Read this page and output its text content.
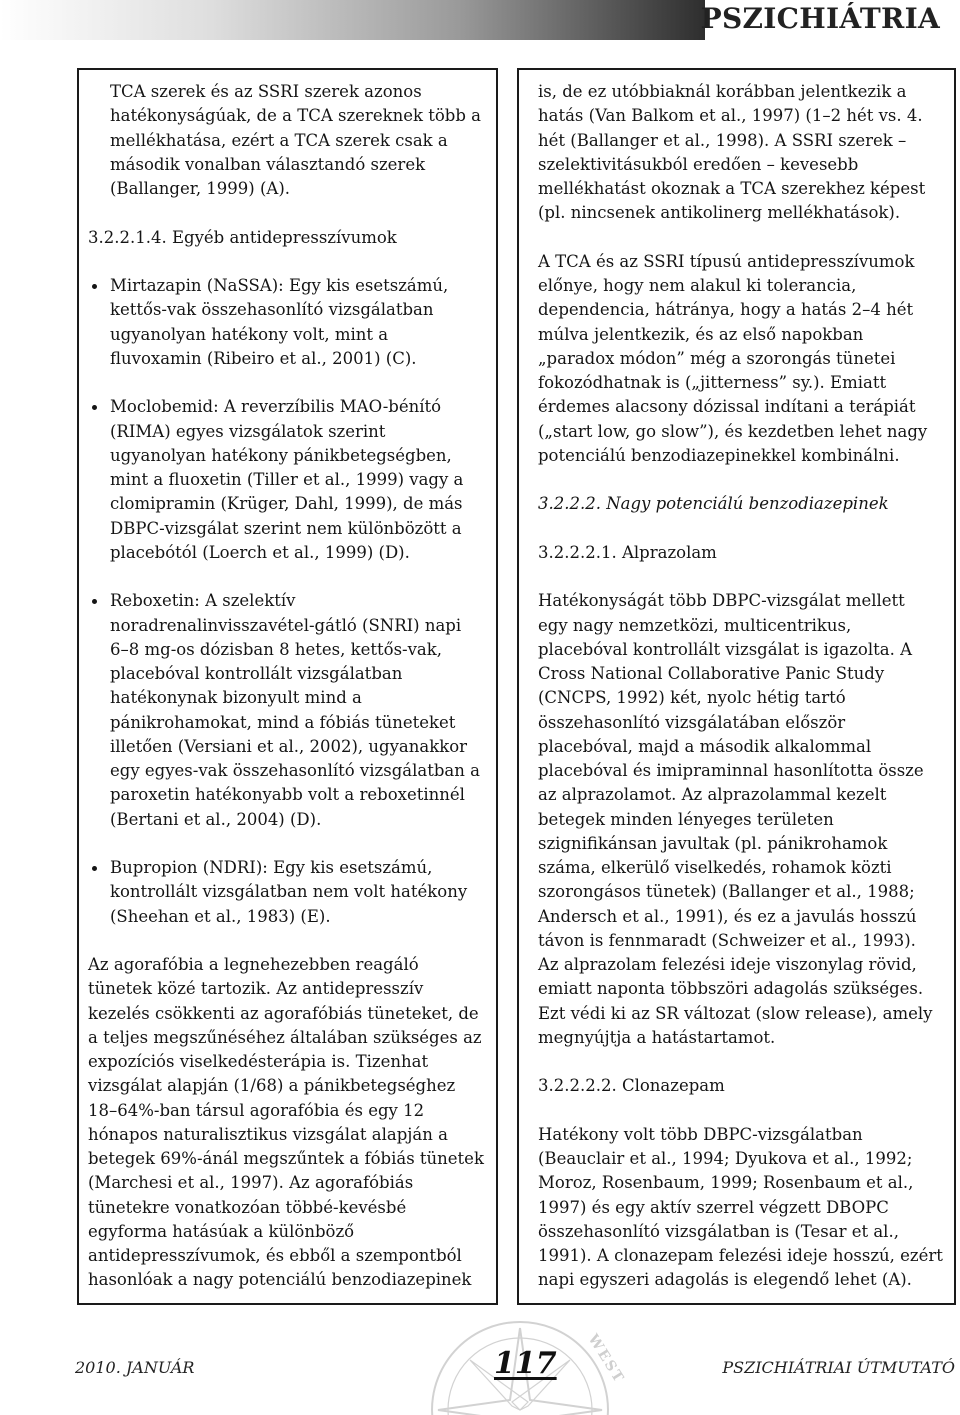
PSZICHIÁTRIA
TCA szerek és az SSRI szerek azonos
hatékonyságúak, de a TCA szereknek több a
mellékhatása, ezért a TCA szerek csak a
második vonalban választandó szerek
(Ballanger, 1999) (A).
3.2.2.1.4. Egyéb antidepresszívumok
Mirtazapin (NaSSA): Egy kis esetszámú,
kettős-vak összehasonlító vizsgálatban
ugyanolyan hatékony volt, mint a
fluvoxamin (Ribeiro et al., 2001) (C).
Moclobemid: A reverzíbilis MAO-bénító
(RIMA) egyes vizsgálatok szerint
ugyanolyan hatékony pánikbetegségben,
mint a fluoxetin (Tiller et al., 1999) vagy a
clomipramin (Krüger, Dahl, 1999), de más
DBPC-vizsgálat szerint nem különbözött a
placebótól (Loerch et al., 1999) (D).
Reboxetin: A szelektív
noradrenalinvisszavétel-gátló (SNRI) napi
6–8 mg-os dózisban 8 hetes, kettős-vak,
placebóval kontrollált vizsgálatban
hatékonynak bizonyult mind a
pánikrohamokat, mind a fóbiás tüneteket
illetően (Versiani et al., 2002), ugyanakkor
egy egyes-vak összehasonlító vizsgálatban a
paroxetin hatékonyabb volt a reboxetinnél
(Bertani et al., 2004) (D).
Bupropion (NDRI): Egy kis esetszámú,
kontrollált vizsgálatban nem volt hatékony
(Sheehan et al., 1983) (E).
Az agorafóbia a legnehezebben reagáló
tünetek közé tartozik. Az antidepresszív
kezelés csökkenti az agorafóbiás tüneteket, de
a teljes megszűnéséhez általában szükséges az
expozíciós viselkedésterápia is. Tizenhat
vizsgálat alapján (1/68) a pánikbetegséghez
18–64%-ban társul agorafóbia és egy 12
hónapos naturalisztikus vizsgálat alapján a
betegek 69%-ánál megszűntek a fóbiás tünetek
(Marchesi et al., 1997). Az agorafóbiás
tünetekre vonatkozóan többé-kevésbé
egyforma hatásúak a különböző
antidepresszívumok, és ebből a szempontból
hasonlóak a nagy potenciálú benzodiazepinek
is, de ez utóbbiaknál korábban jelentkezik a
hatás (Van Balkom et al., 1997) (1–2 hét vs. 4.
hét (Ballanger et al., 1998). A SSRI szerek –
szelektivitásukból eredően – kevesebb
mellékhatást okoznak a TCA szerekhez képest
(pl. nincsenek antikolinerg mellékhatások).
A TCA és az SSRI típusú antidepresszívumok
előnye, hogy nem alakul ki tolerancia,
dependencia, hátránya, hogy a hatás 2–4 hét
múlva jelentkezik, és az első napokban
„paradox módon” még a szorongás tünetei
fokozódhatnak is („jitterness” sy.). Emiatt
érdemes alacsony dózissal indítani a terápiát
(„start low, go slow”), és kezdetben lehet nagy
potenciálú benzodiazepinekkel kombinálni.
3.2.2.2. Nagy potenciálú benzodiazepinek
3.2.2.2.1. Alprazolam
Hatékonyságát több DBPC-vizsgálat mellett
egy nagy nemzetközi, multicentrikus,
placebóval kontrollált vizsgálat is igazolta. A
Cross National Collaborative Panic Study
(CNCPS, 1992) két, nyolc hétig tartó
összehasonlító vizsgálatában először
placebóval, majd a második alkalommal
placebóval és imipraminnal hasonlította össze
az alprazolamot. Az alprazolammal kezelt
betegek minden lényeges területen
szignifikánsan javultak (pl. pánikrohamok
száma, elkerülő viselkedés, rohamok közti
szorongásos tünetek) (Ballanger et al., 1988;
Andersch et al., 1991), és ez a javulás hosszú
távon is fennmaradt (Schweizer et al., 1993).
Az alprazolam felezési ideje viszonylag rövid,
emiatt naponta többszöri adagolás szükséges.
Ezt védi ki az SR változat (slow release), amely
megnyújtja a hatástartamot.
3.2.2.2.2. Clonazepam
Hatékony volt több DBPC-vizsgálatban
(Beauclair et al., 1994; Dyukova et al., 1992;
Moroz, Rosenbaum, 1999; Rosenbaum et al.,
1997) és egy aktív szerrel végzett DBOPC
összehasonlító vizsgálatban is (Tesar et al.,
1991). A clonazepam felezési ideje hosszú, ezért
napi egyszeri adagolás is elegendő lehet (A).
WEST
2010. JANUÁR	117	PSZICHIÁTRIAI ÚTMUTATÓ
